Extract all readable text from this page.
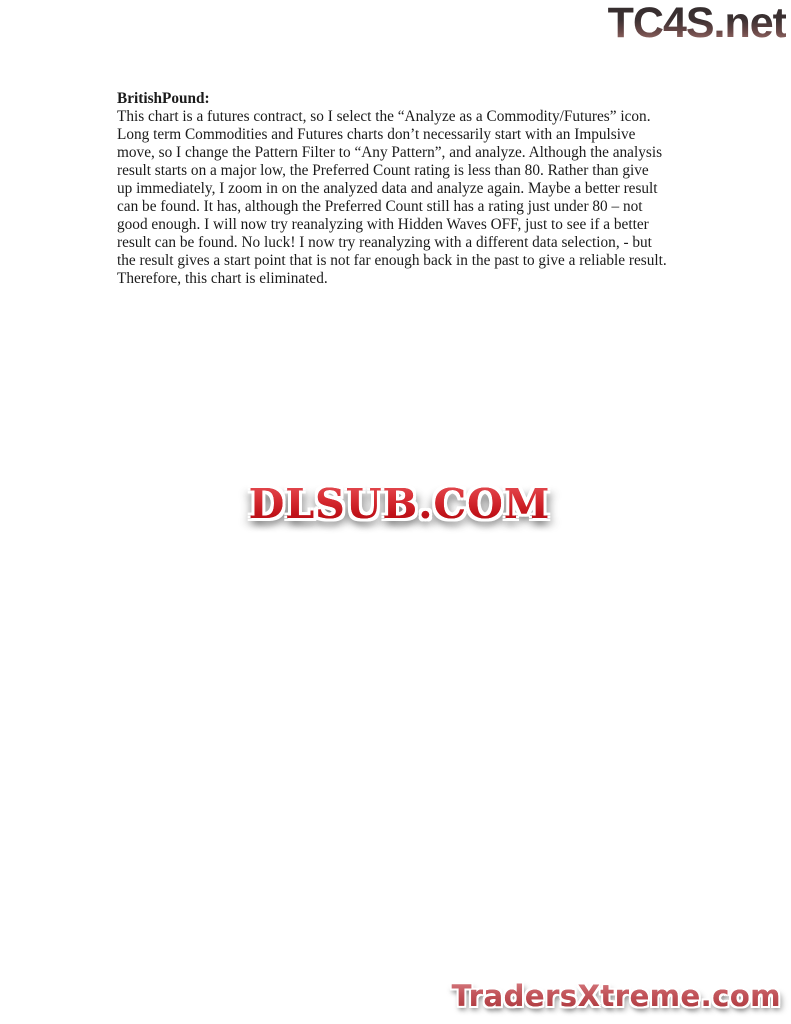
TC4S.net
BritishPound:
This chart is a futures contract, so I select the “Analyze as a Commodity/Futures” icon.
Long term Commodities and Futures charts don’t necessarily start with an Impulsive
move, so I change the Pattern Filter to “Any Pattern”, and analyze. Although the analysis
result starts on a major low, the Preferred Count rating is less than 80. Rather than give
up immediately, I zoom in on the analyzed data and analyze again. Maybe a better result
can be found. It has, although the Preferred Count still has a rating just under 80 – not
good enough. I will now try reanalyzing with Hidden Waves OFF, just to see if a better
result can be found. No luck! I now try reanalyzing with a different data selection, - but
the result gives a start point that is not far enough back in the past to give a reliable result.
Therefore, this chart is eliminated.
DLSUB.COM DLSUB.COM
TradersXtreme.com TradersXtreme.com
